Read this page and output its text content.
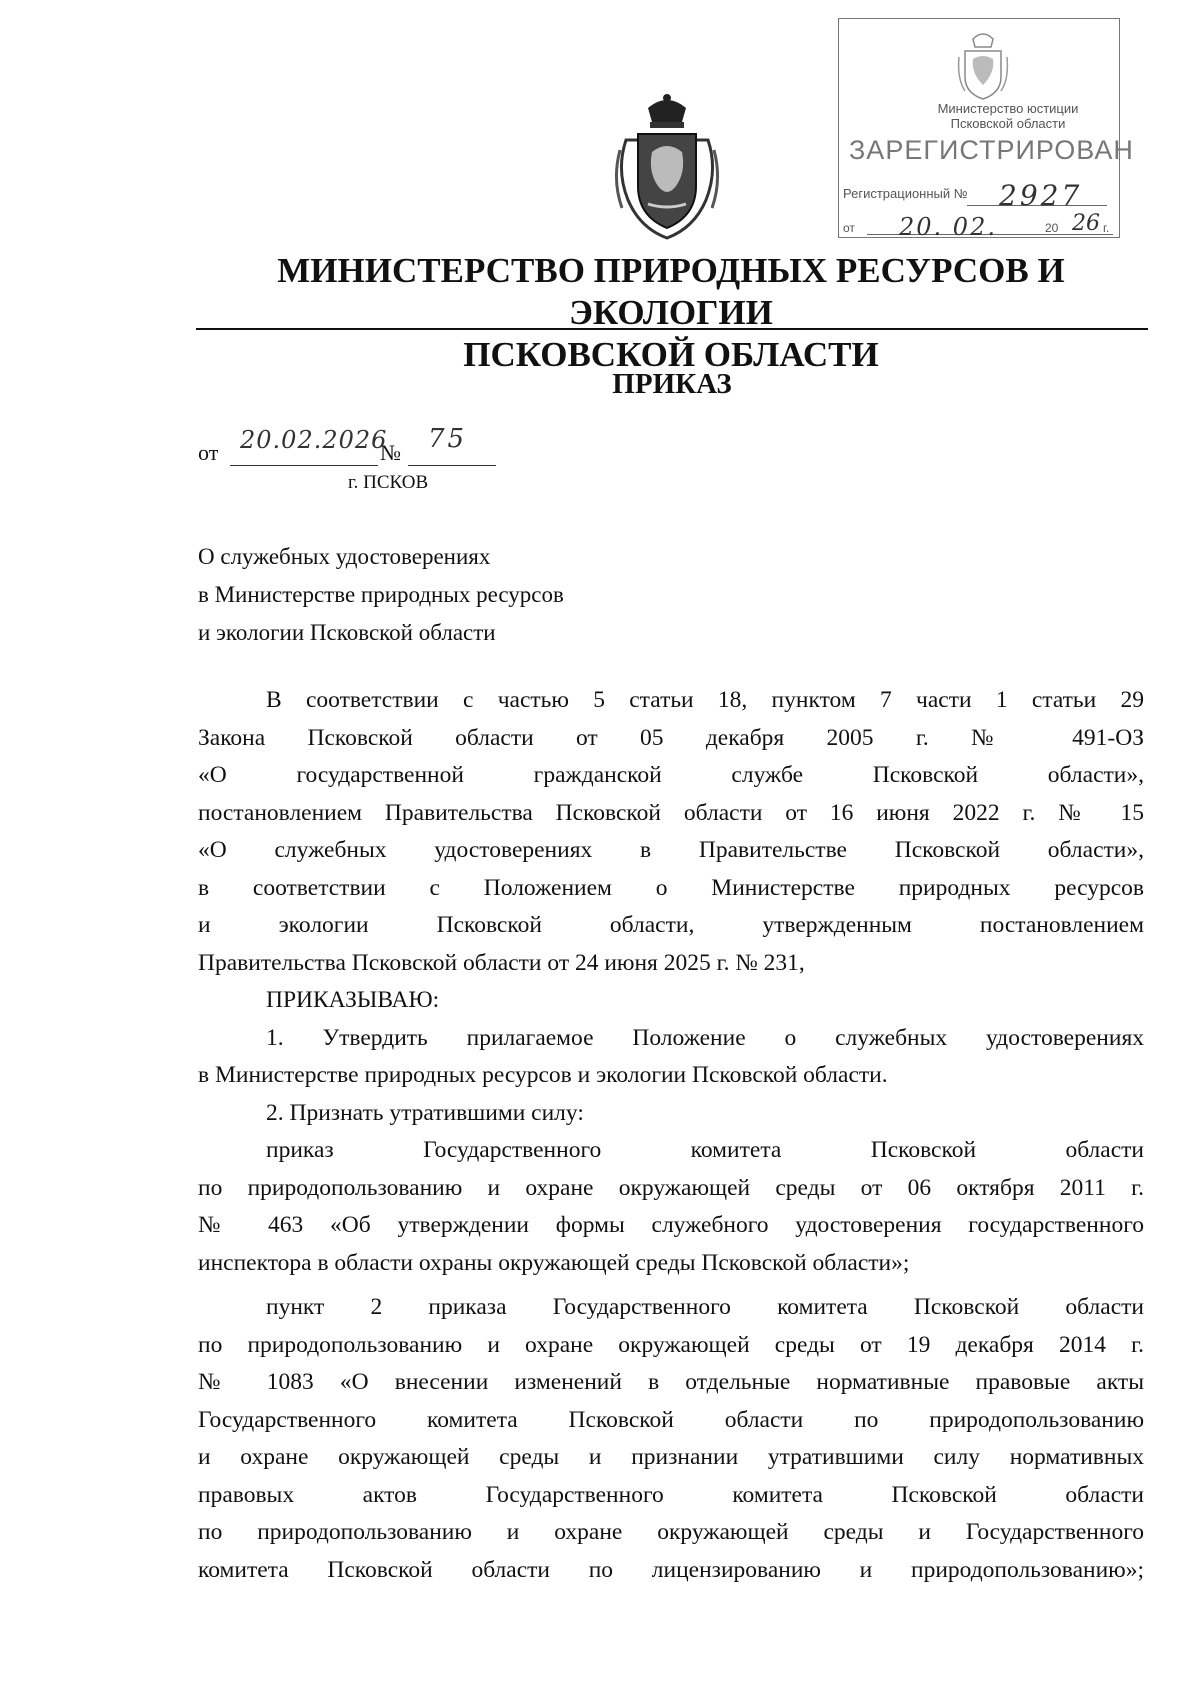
Министерство юстиции
Псковской области
ЗАРЕГИСТРИРОВАН
Регистрационный № 2927
от 20. 02.	20 26 г.
МИНИСТЕРСТВО ПРИРОДНЫХ РЕСУРСОВ И ЭКОЛОГИИ
ПСКОВСКОЙ ОБЛАСТИ
ПРИКАЗ
от 20.02.2026
№ 75
г. ПСКОВ
О служебных удостоверениях
в Министерстве природных ресурсов
и экологии Псковской области
В соответствии с частью 5 статьи 18, пунктом 7 части 1 статьи 29
Закона Псковской области от 05 декабря 2005 г. № 491-ОЗ
«О государственной гражданской службе Псковской области»,
постановлением Правительства Псковской области от 16 июня 2022 г. № 15
«О служебных удостоверениях в Правительстве Псковской области»,
в соответствии с Положением о Министерстве природных ресурсов
и экологии Псковской области, утвержденным постановлением
Правительства Псковской области от 24 июня 2025 г. № 231,
ПРИКАЗЫВАЮ:
1. Утвердить прилагаемое Положение о служебных удостоверениях
в Министерстве природных ресурсов и экологии Псковской области.
2. Признать утратившими силу:
приказ Государственного комитета Псковской области
по природопользованию и охране окружающей среды от 06 октября 2011 г.
№ 463 «Об утверждении формы служебного удостоверения государственного
инспектора в области охраны окружающей среды Псковской области»;
пункт 2 приказа Государственного комитета Псковской области
по природопользованию и охране окружающей среды от 19 декабря 2014 г.
№ 1083 «О внесении изменений в отдельные нормативные правовые акты
Государственного комитета Псковской области по природопользованию
и охране окружающей среды и признании утратившими силу нормативных
правовых актов Государственного комитета Псковской области
по природопользованию и охране окружающей среды и Государственного
комитета Псковской области по лицензированию и природопользованию»;
